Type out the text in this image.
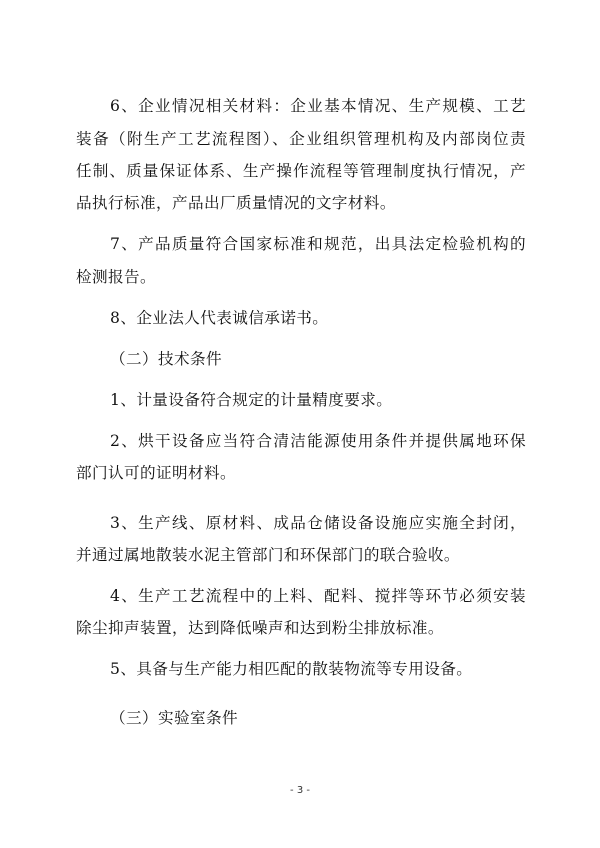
6、企业情况相关材料：企业基本情况、生产规模、工艺
装备（附生产工艺流程图）、企业组织管理机构及内部岗位责
任制、质量保证体系、生产操作流程等管理制度执行情况，产
品执行标准，产品出厂质量情况的文字材料。
7、产品质量符合国家标准和规范，出具法定检验机构的
检测报告。
8、企业法人代表诚信承诺书。
（二）技术条件
1、计量设备符合规定的计量精度要求。
2、烘干设备应当符合清洁能源使用条件并提供属地环保
部门认可的证明材料。
3、生产线、原材料、成品仓储设备设施应实施全封闭，
并通过属地散装水泥主管部门和环保部门的联合验收。
4、生产工艺流程中的上料、配料、搅拌等环节必须安装
除尘抑声装置，达到降低噪声和达到粉尘排放标准。
5、具备与生产能力相匹配的散装物流等专用设备。
（三）实验室条件
- 3 -
